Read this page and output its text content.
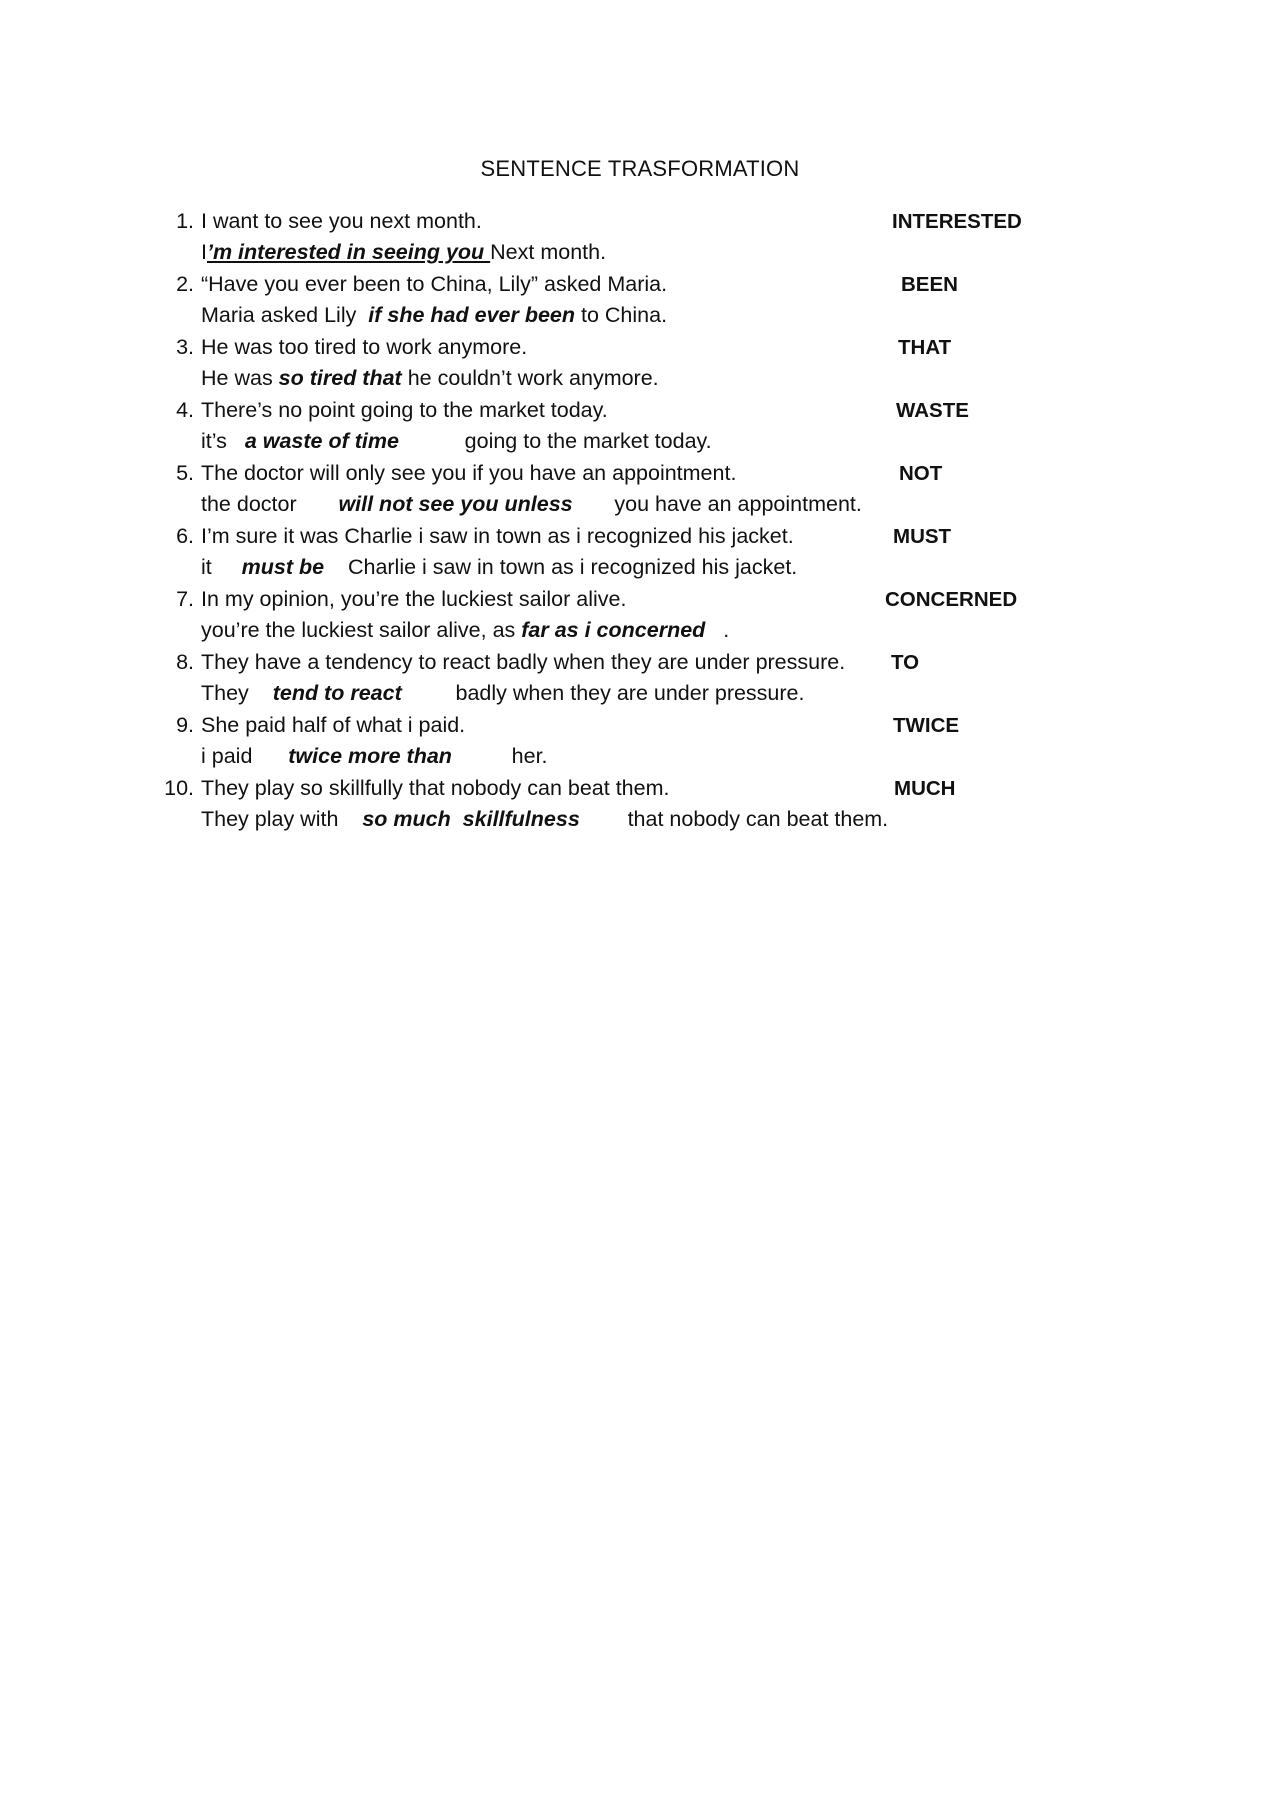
SENTENCE TRASFORMATION
1. I want to see you next month.	INTERESTED
I’m interested in seeing you Next month.
2. “Have you ever been to China, Lily” asked Maria.	BEEN
Maria asked Lily  if she had ever been to China.
3. He was too tired to work anymore.	THAT
He was so tired that he couldn’t work anymore.
4. There’s no point going to the market today.	WASTE
it’s   a waste of time           going to the market today.
5. The doctor will only see you if you have an appointment.	NOT
the doctor       will not see you unless       you have an appointment.
6. I’m sure it was Charlie i saw in town as i recognized his jacket.	MUST
it     must be    Charlie i saw in town as i recognized his jacket.
7. In my opinion, you’re the luckiest sailor alive.	CONCERNED
you’re the luckiest sailor alive, as far as i concerned   .
8. They have a tendency to react badly when they are under pressure. TO
They    tend to react         badly when they are under pressure.
9. She paid half of what i paid.	TWICE
i paid      twice more than          her.
10. They play so skillfully that nobody can beat them.	MUCH
They play with    so much  skillfulness        that nobody can beat them.
